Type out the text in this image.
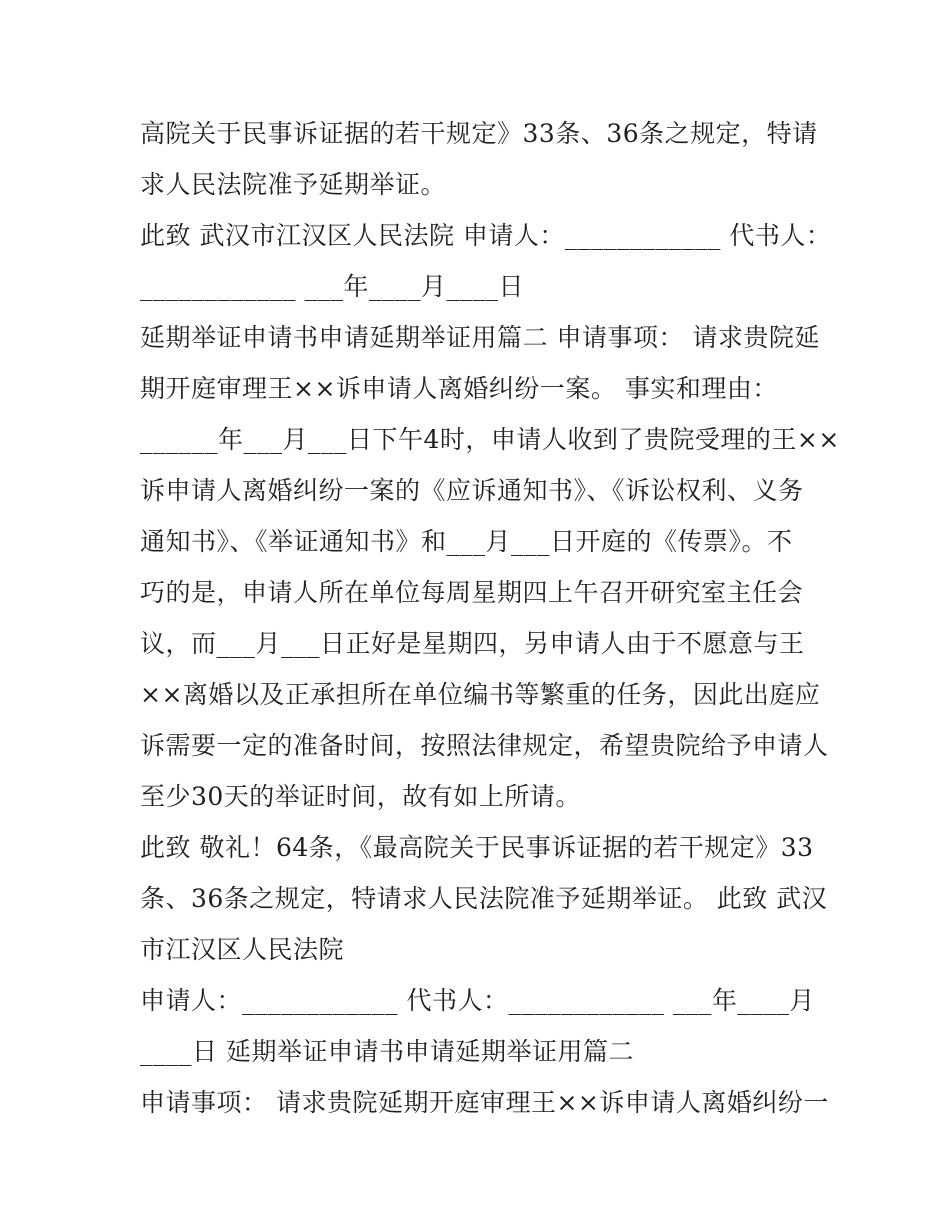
高院关于民事诉证据的若干规定》33条、36条之规定，特请
求人民法院准予延期举证。
此致 武汉市江汉区人民法院 申请人：____________ 代书人：
____________ ___年____月____日
延期举证申请书申请延期举证用篇二 申请事项： 请求贵院延
期开庭审理王××诉申请人离婚纠纷一案。 事实和理由：
______年___月___日下午4时，申请人收到了贵院受理的王××
诉申请人离婚纠纷一案的《应诉通知书》、《诉讼权利、义务
通知书》、《举证通知书》和___月___日开庭的《传票》。不
巧的是，申请人所在单位每周星期四上午召开研究室主任会
议，而___月___日正好是星期四，另申请人由于不愿意与王
××离婚以及正承担所在单位编书等繁重的任务，因此出庭应
诉需要一定的准备时间，按照法律规定，希望贵院给予申请人
至少30天的举证时间，故有如上所请。
此致 敬礼！64条，《最高院关于民事诉证据的若干规定》33
条、36条之规定，特请求人民法院准予延期举证。 此致 武汉
市江汉区人民法院
申请人：____________ 代书人：____________ ___年____月
____日 延期举证申请书申请延期举证用篇二
申请事项： 请求贵院延期开庭审理王××诉申请人离婚纠纷一
